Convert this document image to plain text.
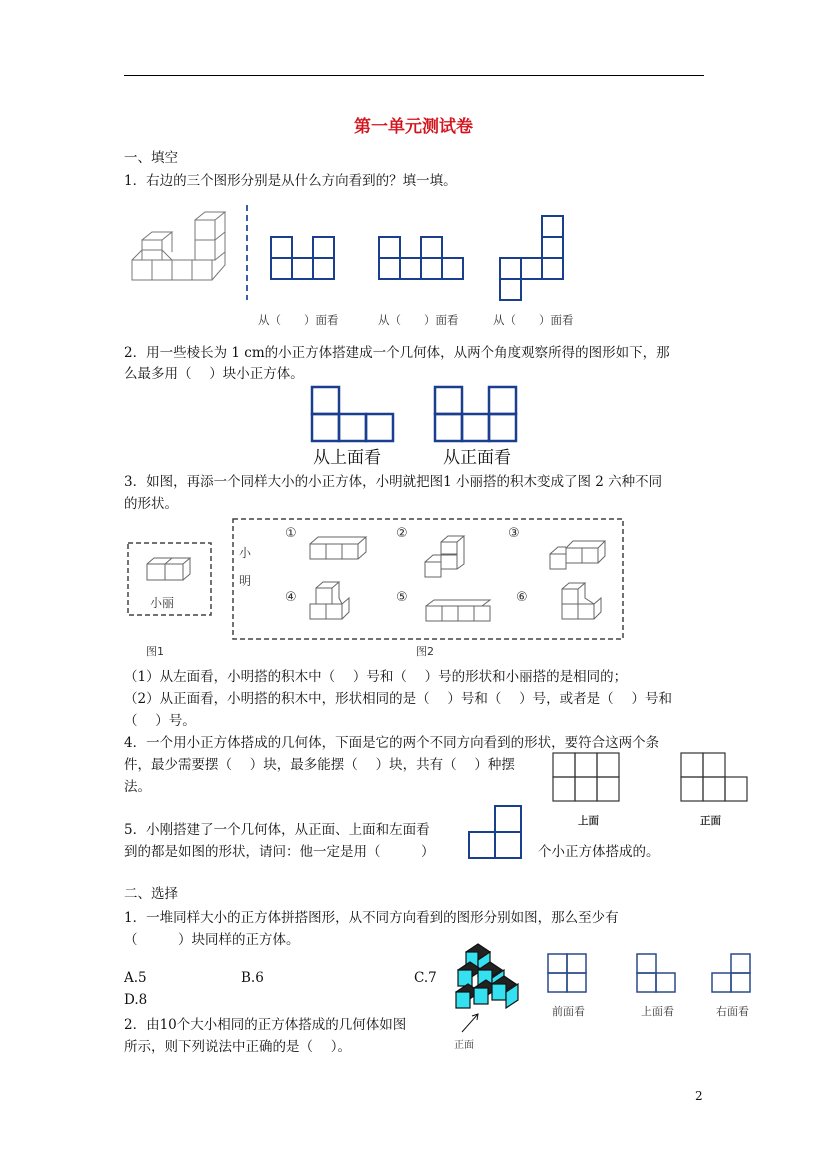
第一单元测试卷
一、填空
1．右边的三个图形分别是从什么方向看到的？填一填。
从（　　）面看	从（　　）面看	从（　　）面看
2．用一些棱长为 1 cm的小正方体搭建成一个几何体，从两个角度观察所得的图形如下，那
么最多用（　 ）块小正方体。
从上面看	从正面看
3．如图，再添一个同样大小的小正方体，小明就把图1 小丽搭的积木变成了图 2 六种不同
的形状。
小丽
图1
小
明
①	②	③
④	⑤	⑥
图2
（1）从左面看，小明搭的积木中（　 ）号和（　 ）号的形状和小丽搭的是相同的；
（2）从正面看，小明搭的积木中，形状相同的是（　 ）号和（　 ）号，或者是（　 ）号和
（　 ）号。
4．一个用小正方体搭成的几何体，下面是它的两个不同方向看到的形状，要符合这两个条
件，最少需要摆（　 ）块，最多能摆（　 ）块，共有（　 ）种摆
法。
上面	正面
5．小刚搭建了一个几何体，从正面、上面和左面看
到的都是如图的形状，请问：他一定是用（　　　）	个小正方体搭成的。
二、选择
1．一堆同样大小的正方体拼搭图形，从不同方向看到的图形分别如图，那么至少有
（　　　）块同样的正方体。
A.5	B.6	C.7
D.8
正面
前面看	上面看	右面看
2．由10个大小相同的正方体搭成的几何体如图
所示，则下列说法中正确的是（　 ）。
2
